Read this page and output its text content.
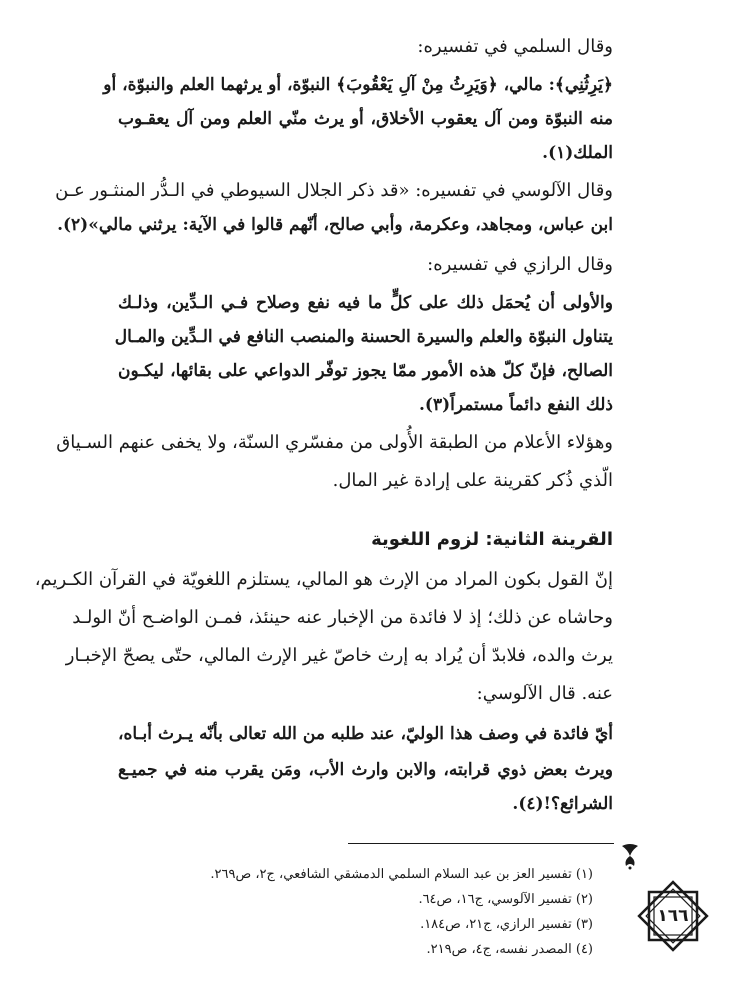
وقال السلمي في تفسيره:
﴿يَرِثُنِي﴾: مالي، ﴿وَيَرِثُ مِنْ آلِ يَعْقُوبَ﴾ النبوّة، أو يرثهما العلم والنبوّة، أو
منه النبوّة ومن آل يعقوب الأخلاق، أو يرث منّي العلم ومن آل يعقـوب
الملك(١).
وقال الآلوسي في تفسيره: «قد ذكر الجلال السيوطي في الـدُّر المنثـور عـن
ابن عباس، ومجاهد، وعكرمة، وأبي صالح، أنّهم قالوا في الآية: يرثني مالي»(٢).
وقال الرازي في تفسيره:
والأولى أن يُحمَل ذلك على كلٍّ ما فيه نفع وصلاح فـي الـدِّين، وذلـك
يتناول النبوّة والعلم والسيرة الحسنة والمنصب النافع في الـدِّين والمـال
الصالح، فإنّ كلّ هذه الأمور ممّا يجوز توفّر الدواعي على بقائها، ليكـون
ذلك النفع دائماً مستمراً(٣).
وهؤلاء الأعلام من الطبقة الأُولى من مفسّري السنّة، ولا يخفى عنهم السـياق
الّذي ذُكر كقرينة على إرادة غير المال.
القرينة الثانية: لزوم اللغوية
إنّ القول بكون المراد من الإرث هو المالي، يستلزم اللغويّة في القرآن الكـريم،
وحاشاه عن ذلك؛ إذ لا فائدة من الإخبار عنه حينئذ، فمـن الواضـح أنّ الولـد
يرث والده، فلابدّ أن يُراد به إرث خاصّ غير الإرث المالي، حتّى يصحّ الإخبـار
عنه. قال الآلوسي:
أيّ فائدة في وصف هذا الوليّ، عند طلبه من الله تعالى بأنّه يـرث أبـاه،
ويرث بعض ذوي قرابته، والابن وارث الأب، ومَن يقرب منه في جميـع
الشرائع؟!(٤).
(١) تفسير العز بن عبد السلام السلمي الدمشقي الشافعي، ج٢، ص٢٦٩.
(٢) تفسير الآلوسي، ج١٦، ص٦٤.
(٣) تفسير الرازي، ج٢١، ص١٨٤.
(٤) المصدر نفسه، ج٤، ص٢١٩.
١٦٦
